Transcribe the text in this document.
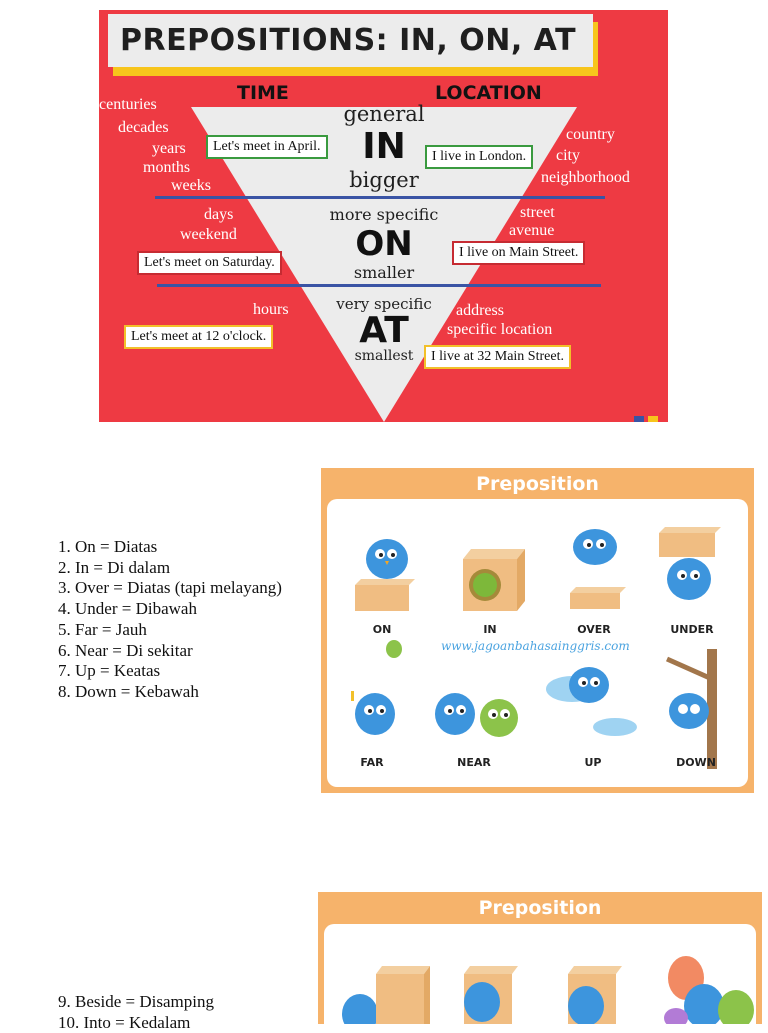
PREPOSITIONS: IN, ON, AT
TIME	LOCATION
centuries
decades
years
months
weeks
Let's meet in April.
general
IN
bigger
I live in London.
country
city
neighborhood
days
weekend
Let's meet on Saturday.
more specific
ON
smaller
street
avenue
I live on Main Street.
hours
Let's meet at 12 o'clock.
very specific
AT
smallest
address
specific location
I live at 32 Main Street.
1. On = Diatas
2. In = Di dalam
3. Over = Diatas (tapi melayang)
4. Under = Dibawah
5. Far = Jauh
6. Near = Di sekitar
7. Up = Keatas
8. Down = Kebawah
Preposition
www.jagoanbahasainggris.com
ON	IN	OVER	UNDER
FAR	NEAR	UP	DOWN
9. Beside = Disamping
10. Into = Kedalam
Preposition
